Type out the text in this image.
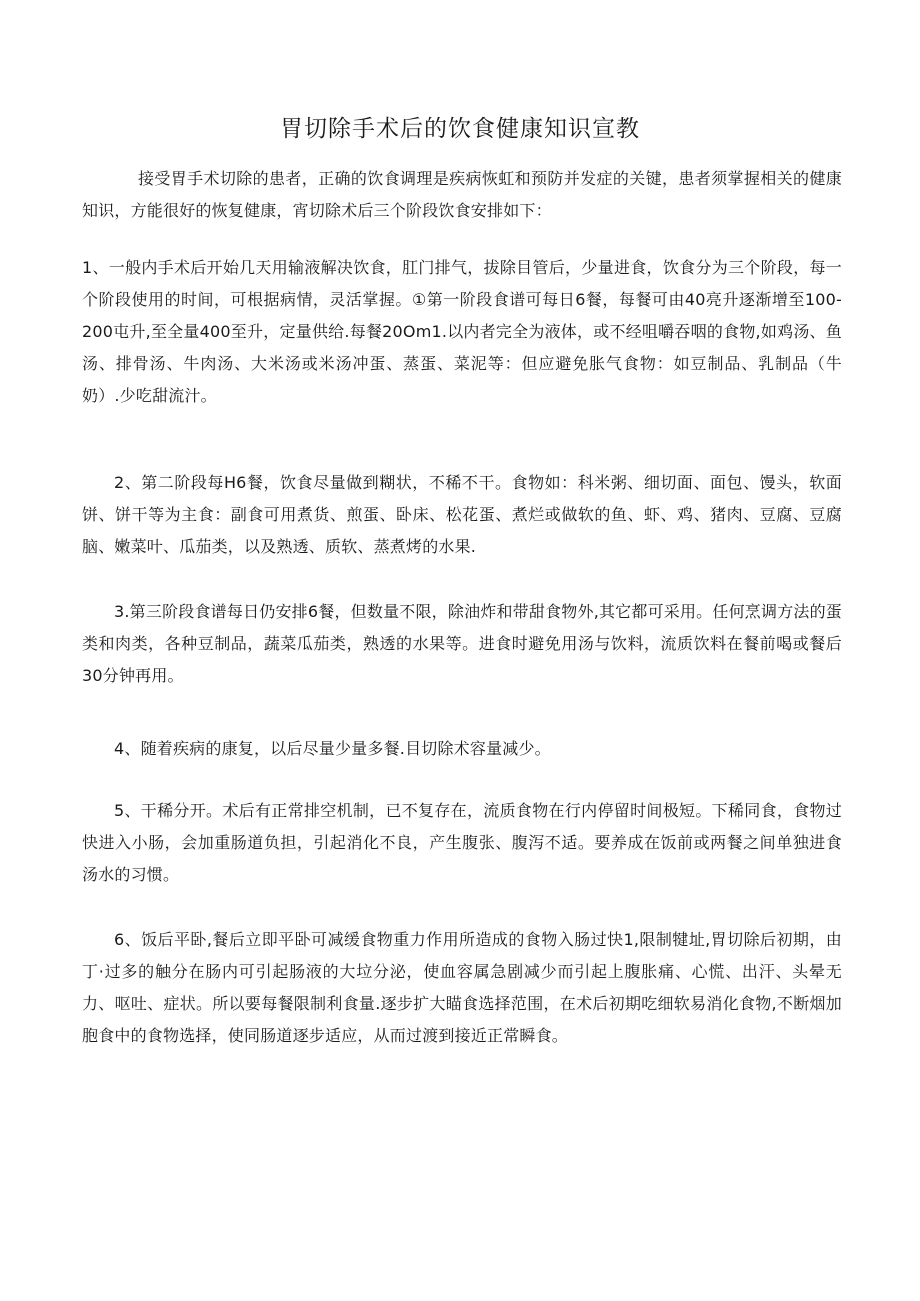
胃切除手术后的饮食健康知识宣教

接受胃手术切除的患者，正确的饮食调理是疾病恢虹和预防并发症的关键，患者须掌握相关的健康知识，方能很好的恢复健康，宵切除术后三个阶段饮食安排如下：

1、一般内手术后开始几天用输液解决饮食，肛门排气，拔除目管后，少量进食，饮食分为三个阶段，每一个阶段使用的时间，可根据病情，灵活掌握。①第一阶段食谱可每日6餐，每餐可由40亮升逐渐增至100-200屯升,至全量400至升，定量供给.每餐20Om1.以内者完全为液体，或不经咀嚼吞咽的食物,如鸡汤、鱼汤、排骨汤、牛肉汤、大米汤或米汤冲蛋、蒸蛋、菜泥等：但应避免胀气食物：如豆制品、乳制品（牛奶）.少吃甜流汁。

2、第二阶段每H6餐，饮食尽量做到糊状，不稀不干。食物如：科米粥、细切面、面包、馒头，软面饼、饼干等为主食：副食可用煮货、煎蛋、卧床、松花蛋、煮烂或做软的鱼、虾、鸡、猪肉、豆腐、豆腐脑、嫩菜叶、瓜茄类，以及熟透、质软、蒸煮烤的水果.

3.第三阶段食谱每日仍安排6餐，但数量不限，除油炸和带甜食物外,其它都可采用。任何烹调方法的蛋类和肉类，各种豆制品，蔬菜瓜茄类，熟透的水果等。进食时避免用汤与饮料，流质饮料在餐前喝或餐后30分钟再用。

4、随着疾病的康复，以后尽量少量多餐.目切除术容量减少。

5、干稀分开。术后有正常排空机制，已不复存在，流质食物在行内停留时间极短。下稀同食，食物过快进入小肠，会加重肠道负担，引起消化不良，产生腹张、腹泻不适。要养成在饭前或两餐之间单独进食汤水的习惯。

6、饭后平卧,餐后立即平卧可减缓食物重力作用所造成的食物入肠过快1,限制犍址,胃切除后初期，由丁·过多的触分在肠内可引起肠液的大垃分泌，使血容属急剧减少而引起上腹胀痛、心慌、出汗、头晕无力、呕吐、症状。所以要每餐限制利食量.逐步扩大瞄食选择范围，在术后初期吃细软易消化食物,不断烟加胞食中的食物选择，使同肠道逐步适应，从而过渡到接近正常瞬食。
